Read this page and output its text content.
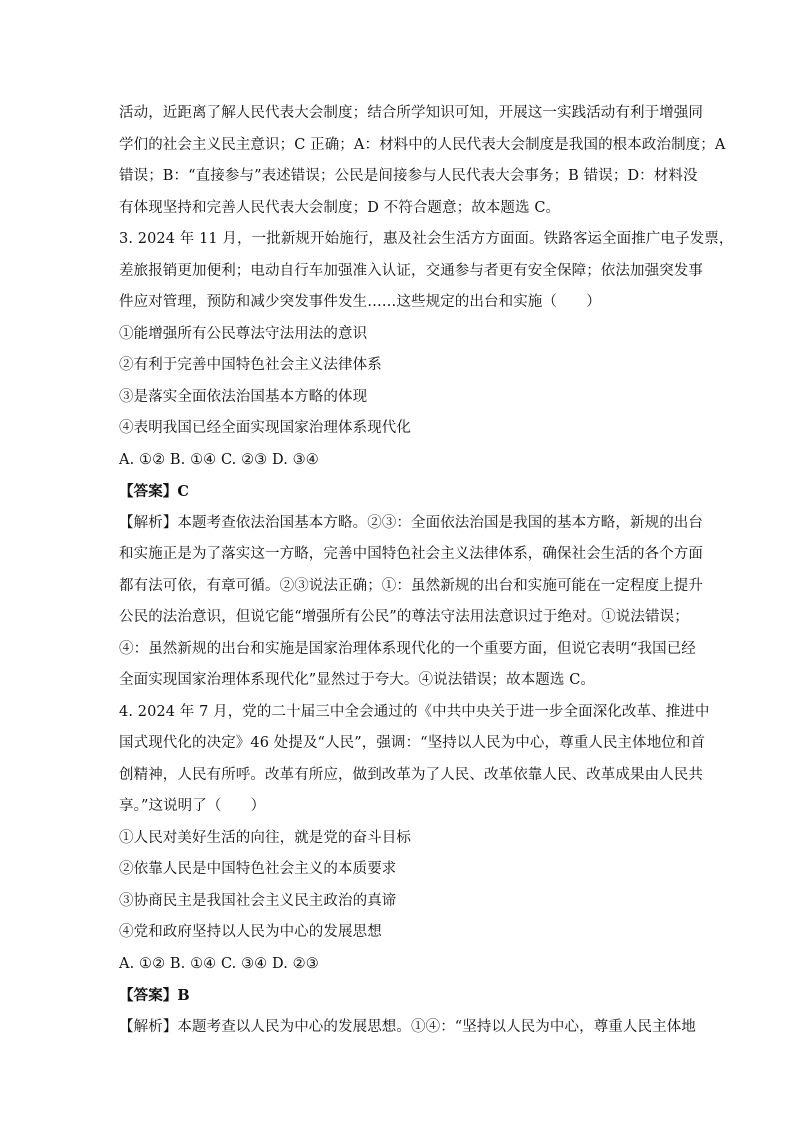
活动，近距离了解人民代表大会制度；结合所学知识可知，开展这一实践活动有利于增强同
学们的社会主义民主意识；C 正确；A：材料中的人民代表大会制度是我国的根本政治制度；A
错误；B：“直接参与”表述错误；公民是间接参与人民代表大会事务；B 错误；D：材料没
有体现坚持和完善人民代表大会制度；D 不符合题意；故本题选 C。
3. 2024 年 11 月，一批新规开始施行，惠及社会生活方方面面。铁路客运全面推广电子发票，
差旅报销更加便利；电动自行车加强准入认证，交通参与者更有安全保障；依法加强突发事
件应对管理，预防和减少突发事件发生……这些规定的出台和实施（　　）
①能增强所有公民尊法守法用法的意识
②有利于完善中国特色社会主义法律体系
③是落实全面依法治国基本方略的体现
④表明我国已经全面实现国家治理体系现代化
A. ①② B. ①④ C. ②③ D. ③④
【答案】C
【解析】本题考查依法治国基本方略。②③：全面依法治国是我国的基本方略，新规的出台
和实施正是为了落实这一方略，完善中国特色社会主义法律体系，确保社会生活的各个方面
都有法可依，有章可循。②③说法正确；①：虽然新规的出台和实施可能在一定程度上提升
公民的法治意识，但说它能“增强所有公民”的尊法守法用法意识过于绝对。①说法错误；
④：虽然新规的出台和实施是国家治理体系现代化的一个重要方面，但说它表明“我国已经
全面实现国家治理体系现代化”显然过于夸大。④说法错误；故本题选 C。
4. 2024 年 7 月，党的二十届三中全会通过的《中共中央关于进一步全面深化改革、推进中
国式现代化的决定》46 处提及“人民”，强调：“坚持以人民为中心，尊重人民主体地位和首
创精神，人民有所呼。改革有所应，做到改革为了人民、改革依靠人民、改革成果由人民共
享。”这说明了（　　）
①人民对美好生活的向往，就是党的奋斗目标
②依靠人民是中国特色社会主义的本质要求
③协商民主是我国社会主义民主政治的真谛
④党和政府坚持以人民为中心的发展思想
A. ①② B. ①④ C. ③④ D. ②③
【答案】B
【解析】本题考查以人民为中心的发展思想。①④：“坚持以人民为中心，尊重人民主体地
